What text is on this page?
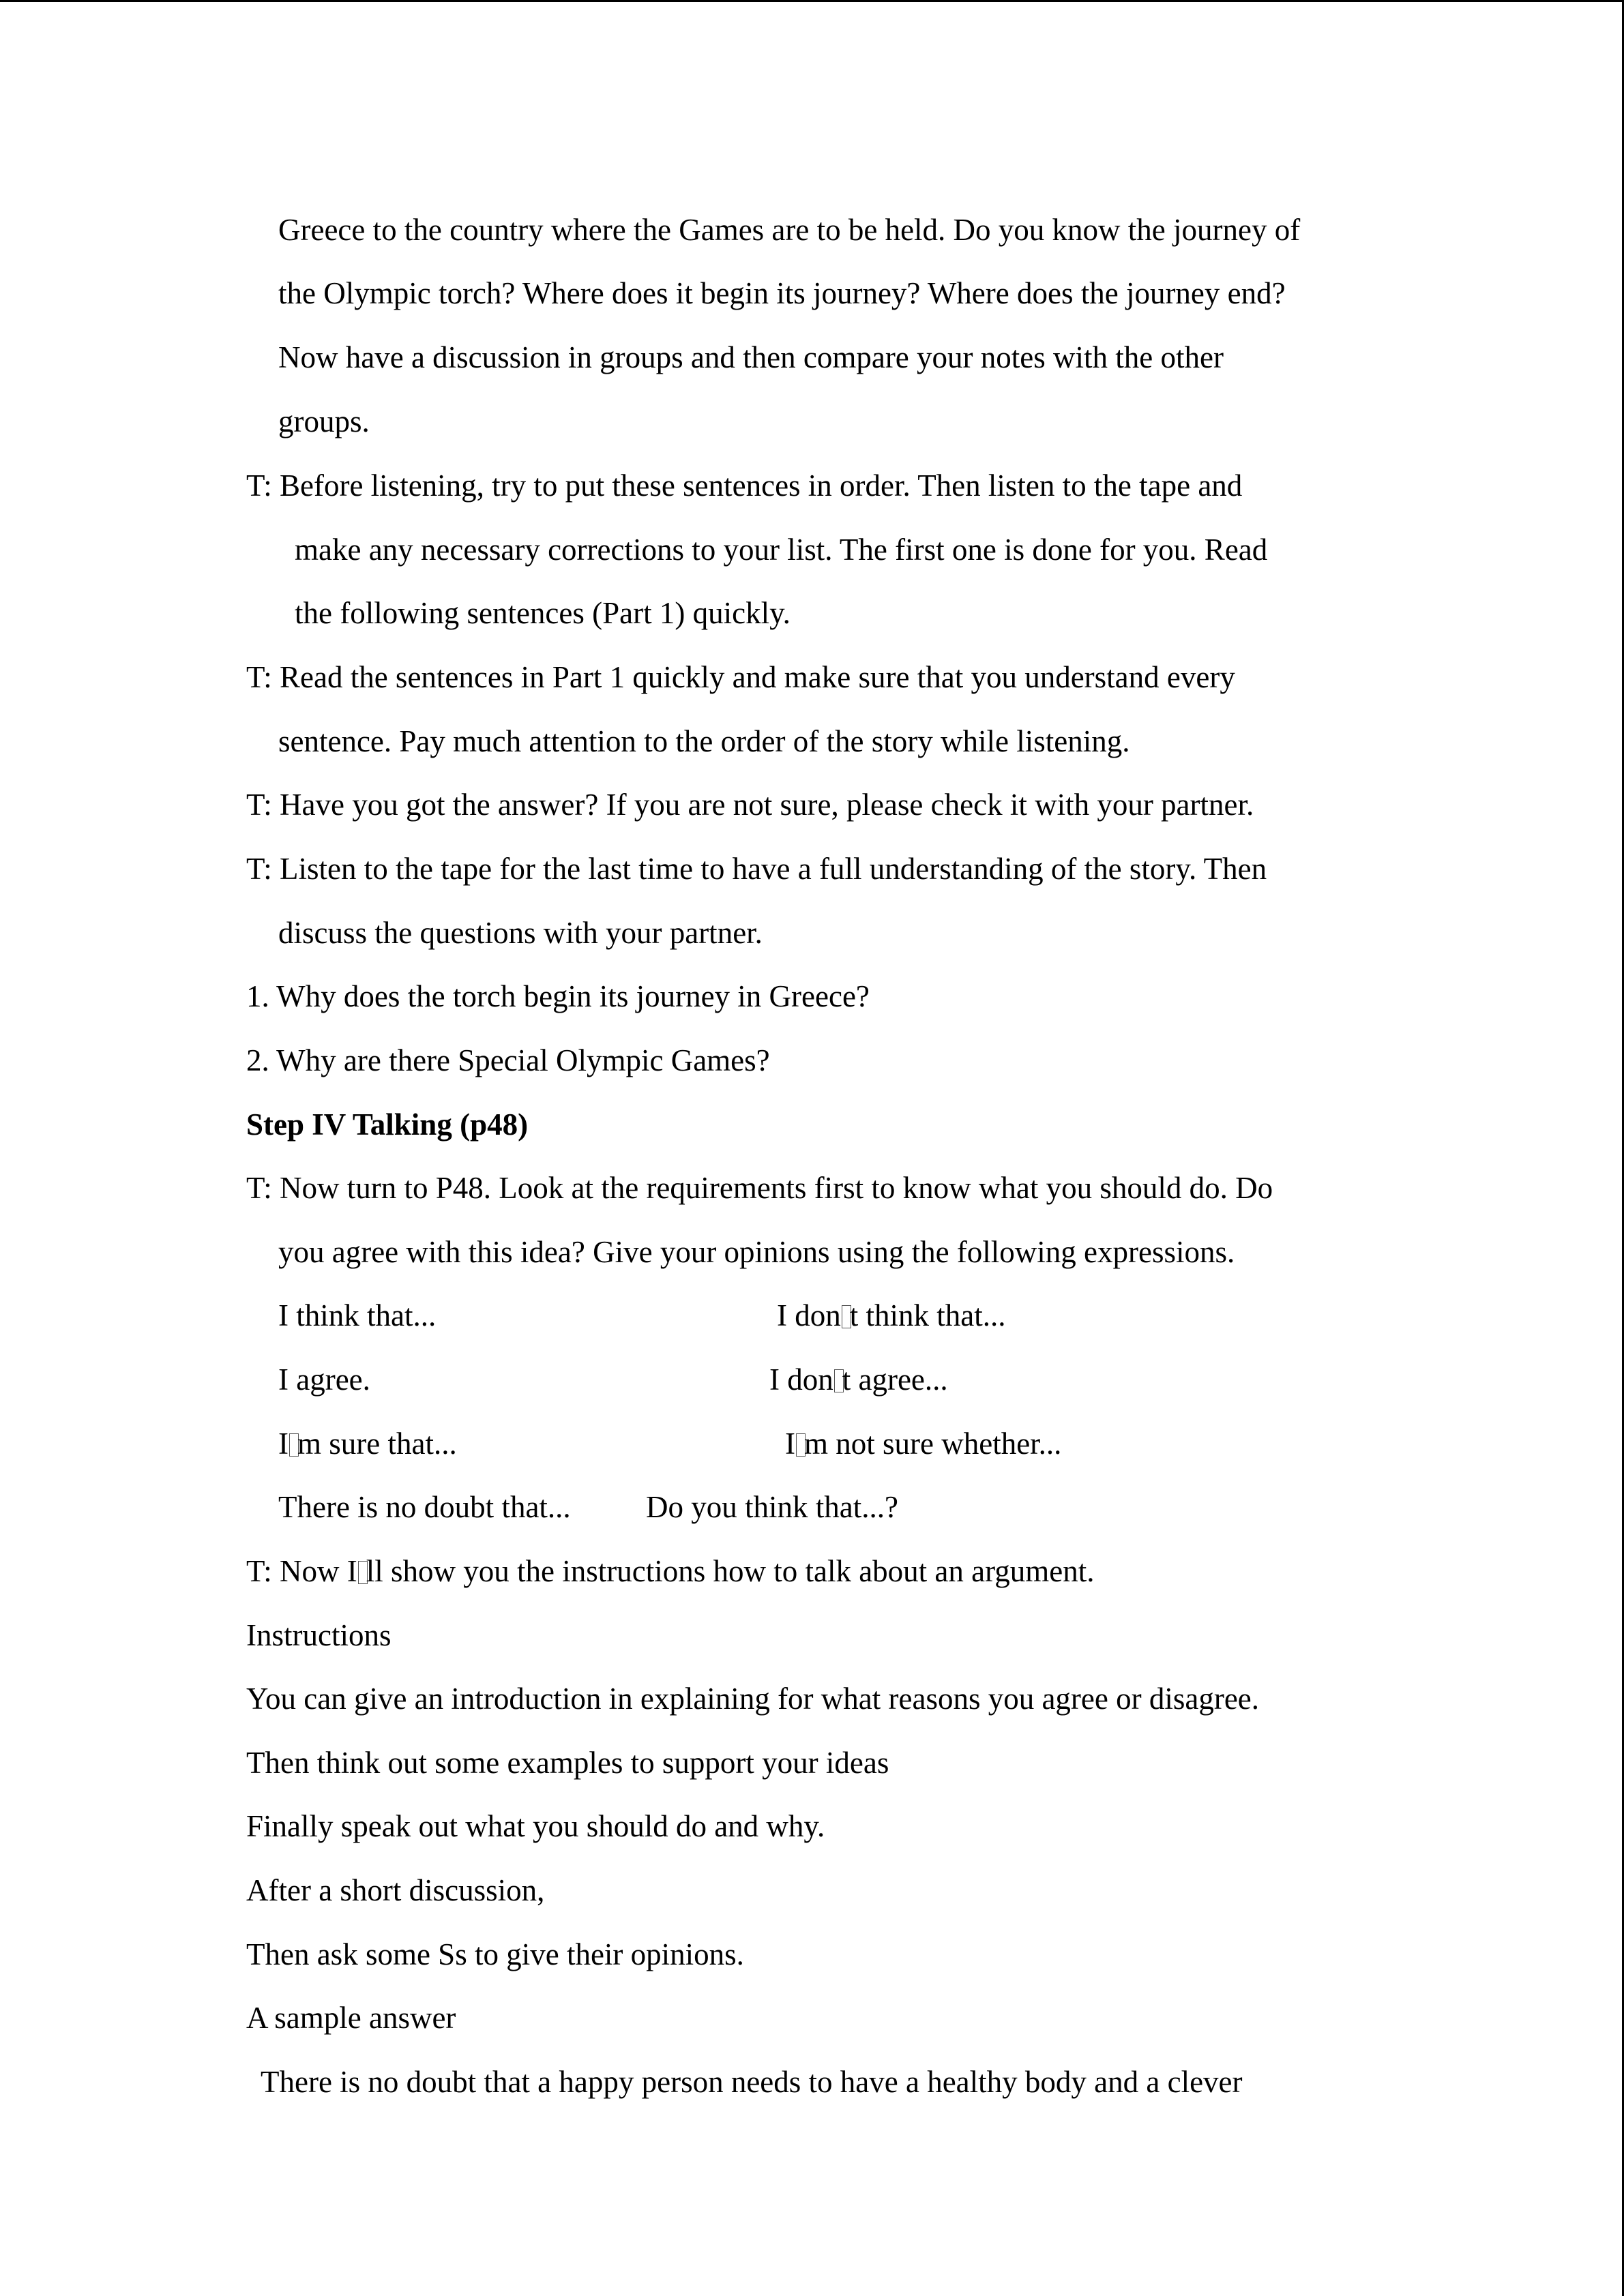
Greece to the country where the Games are to be held. Do you know the journey of
the Olympic torch? Where does it begin its journey? Where does the journey end?
Now have a discussion in groups and then compare your notes with the other
groups.
T: Before listening, try to put these sentences in order. Then listen to the tape and
make any necessary corrections to your list. The first one is done for you. Read
the following sentences (Part 1) quickly.
T: Read the sentences in Part 1 quickly and make sure that you understand every
sentence. Pay much attention to the order of the story while listening.
T: Have you got the answer? If you are not sure, please check it with your partner.
T: Listen to the tape for the last time to have a full understanding of the story. Then
discuss the questions with your partner.
1. Why does the torch begin its journey in Greece?
2. Why are there Special Olympic Games?
Step IV Talking (p48)
T: Now turn to P48. Look at the requirements first to know what you should do. Do
you agree with this idea? Give your opinions using the following expressions.
I think that...	I don t think that...
I agree.	I don t agree...
I m sure that...	I m not sure whether...
There is no doubt that... Do you think that...?
T: Now I ll show you the instructions how to talk about an argument.
Instructions
You can give an introduction in explaining for what reasons you agree or disagree.
Then think out some examples to support your ideas
Finally speak out what you should do and why.
After a short discussion,
Then ask some Ss to give their opinions.
A sample answer
There is no doubt that a happy person needs to have a healthy body and a clever
